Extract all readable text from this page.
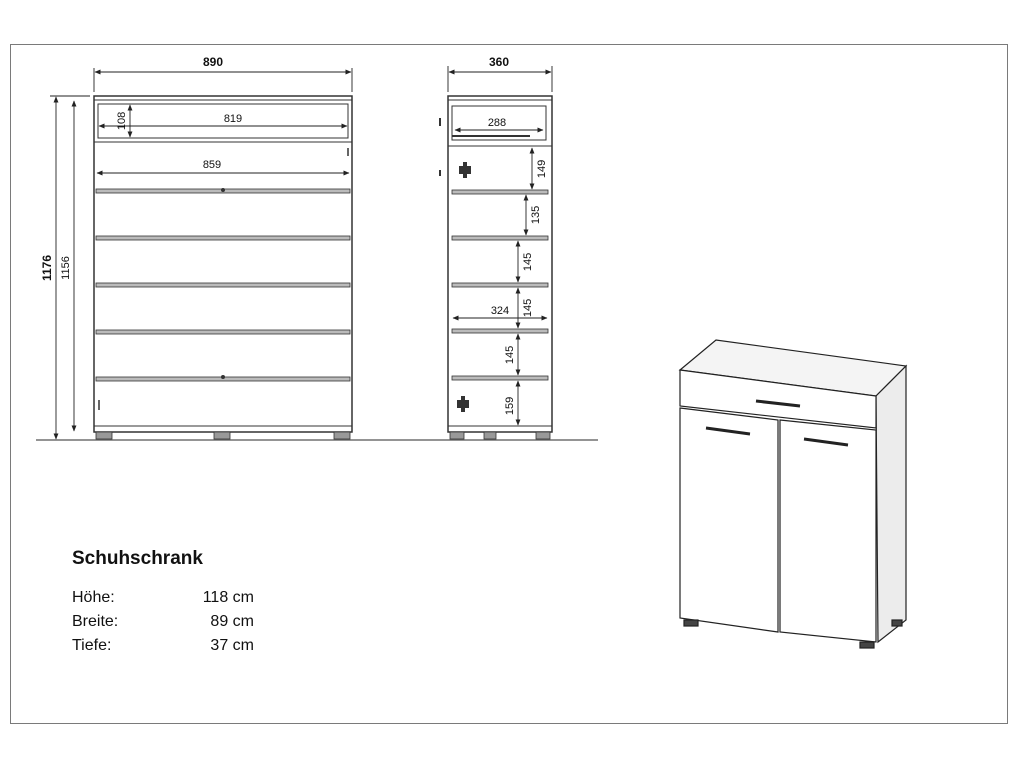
890
819
859
108
1176 1156
360
288
324
149
135
145
145
145
159
Schuhschrank
Höhe:	118 cm
Breite:	89 cm
Tiefe:	37 cm
